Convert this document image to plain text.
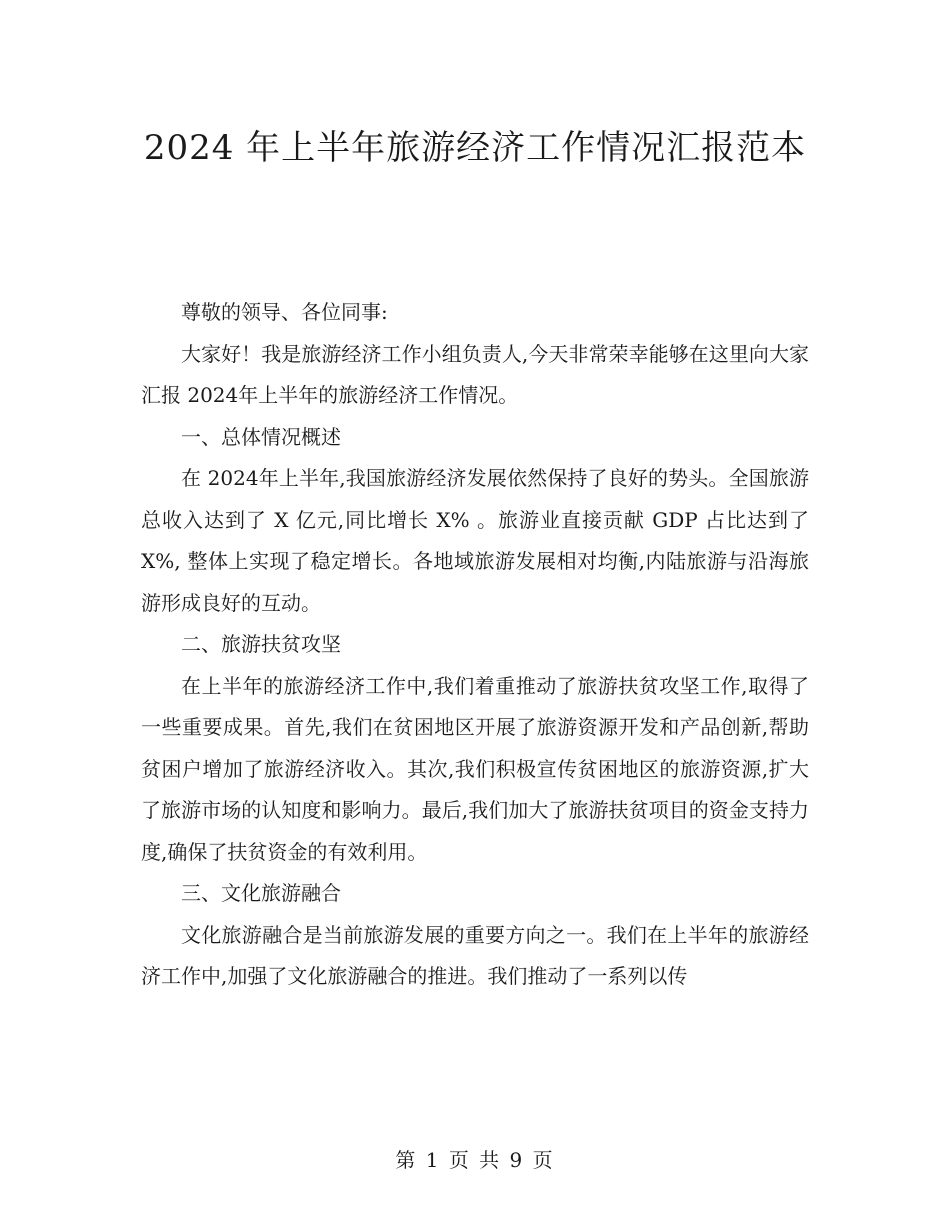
2024 年上半年旅游经济工作情况汇报范本

尊敬的领导、各位同事:

大家好！我是旅游经济工作小组负责人,今天非常荣幸能够在这里向大家汇报 2024年上半年的旅游经济工作情况。

一、总体情况概述

在 2024年上半年,我国旅游经济发展依然保持了良好的势头。全国旅游总收入达到了 X 亿元,同比增长 X% 。旅游业直接贡献 GDP 占比达到了 X%, 整体上实现了稳定增长。各地域旅游发展相对均衡,内陆旅游与沿海旅游形成良好的互动。

二、旅游扶贫攻坚

在上半年的旅游经济工作中,我们着重推动了旅游扶贫攻坚工作,取得了一些重要成果。首先,我们在贫困地区开展了旅游资源开发和产品创新,帮助贫困户增加了旅游经济收入。其次,我们积极宣传贫困地区的旅游资源,扩大了旅游市场的认知度和影响力。最后,我们加大了旅游扶贫项目的资金支持力度,确保了扶贫资金的有效利用。

三、文化旅游融合

文化旅游融合是当前旅游发展的重要方向之一。我们在上半年的旅游经济工作中,加强了文化旅游融合的推进。我们推动了一系列以传

第 1 页 共 9 页
